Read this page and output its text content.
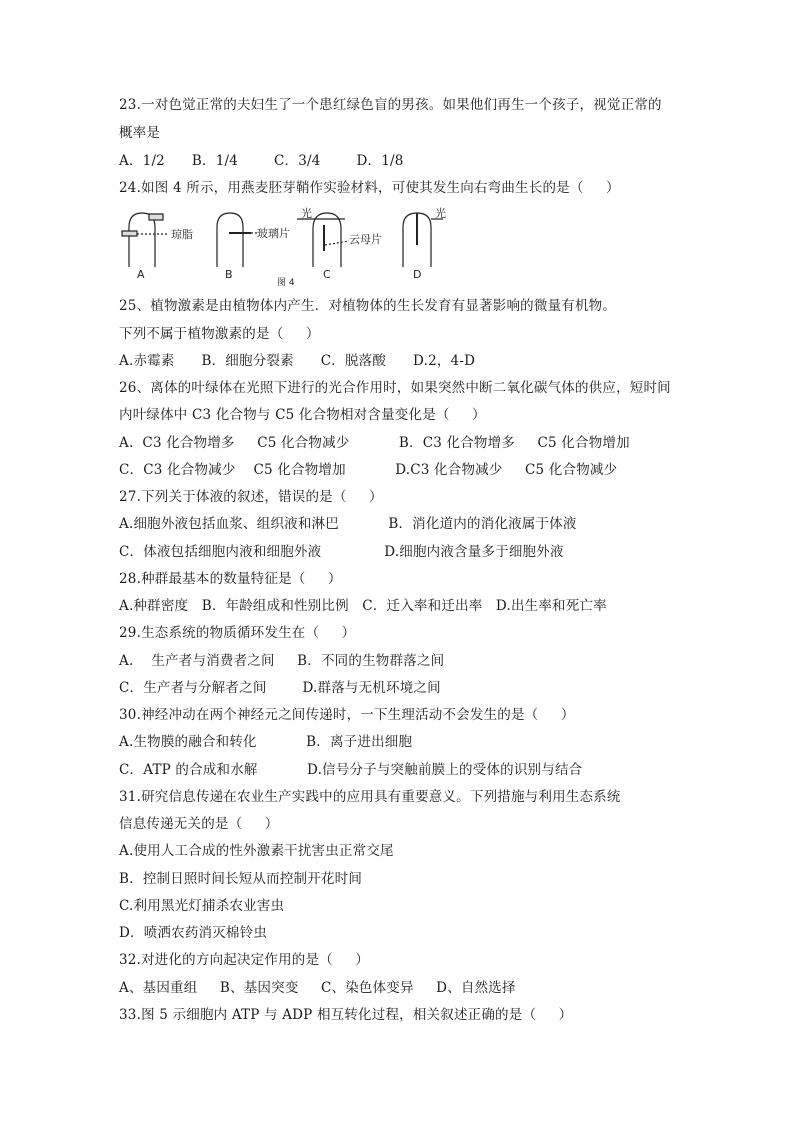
23.一对色觉正常的夫妇生了一个患红绿色盲的男孩。如果他们再生一个孩子，视觉正常的
概率是
A．1/2      B．1/4        C．3/4        D．1/8
24.如图 4 所示，用燕麦胚芽鞘作实验材料，可使其发生向右弯曲生长的是（     ）
琼脂
A
玻璃片
B
光
云母片
C
光
D
图 4
25、植物激素是由植物体内产生．对植物体的生长发育有显著影响的微量有机物。
下列不属于植物激素的是（     ）
A.赤霉素      B．细胞分裂素      C．脱落酸      D.2，4-D
26、离体的叶绿体在光照下进行的光合作用时，如果突然中断二氧化碳气体的供应，短时间
内叶绿体中 C3 化合物与 C5 化合物相对含量变化是（     ）
A.  C3 化合物增多     C5 化合物减少           B．C3 化合物增多     C5 化合物增加
C．C3 化合物减少    C5 化合物增加           D.C3 化合物减少     C5 化合物减少
27.下列关于体液的叙述，错误的是（     ）
A.细胞外液包括血浆、组织液和淋巴           B．消化道内的消化液属于体液
C．体液包括细胞内液和细胞外液              D.细胞内液含量多于细胞外液
28.种群最基本的数量特征是（     ）
A.种群密度   B．年龄组成和性别比例   C．迁入率和迁出率   D.出生率和死亡率
29.生态系统的物质循环发生在（     ）
A.    生产者与消费者之间     B．不同的生物群落之间
C．生产者与分解者之间        D.群落与无机环境之间
30.神经冲动在两个神经元之间传递时，一下生理活动不会发生的是（     ）
A.生物膜的融合和转化           B．离子进出细胞
C．ATP 的合成和水解           D.信号分子与突触前膜上的受体的识别与结合
31.研究信息传递在农业生产实践中的应用具有重要意义。下列措施与利用生态系统
信息传递无关的是（     ）
A.使用人工合成的性外激素干扰害虫正常交尾
B．控制日照时间长短从而控制开花时间
C.利用黑光灯捕杀农业害虫
D．喷洒农药消灭棉铃虫
32.对进化的方向起决定作用的是（     ）
A、基因重组     B、基因突变     C、染色体变异     D、自然选择
33.图 5 示细胞内 ATP 与 ADP 相互转化过程，相关叙述正确的是（     ）
